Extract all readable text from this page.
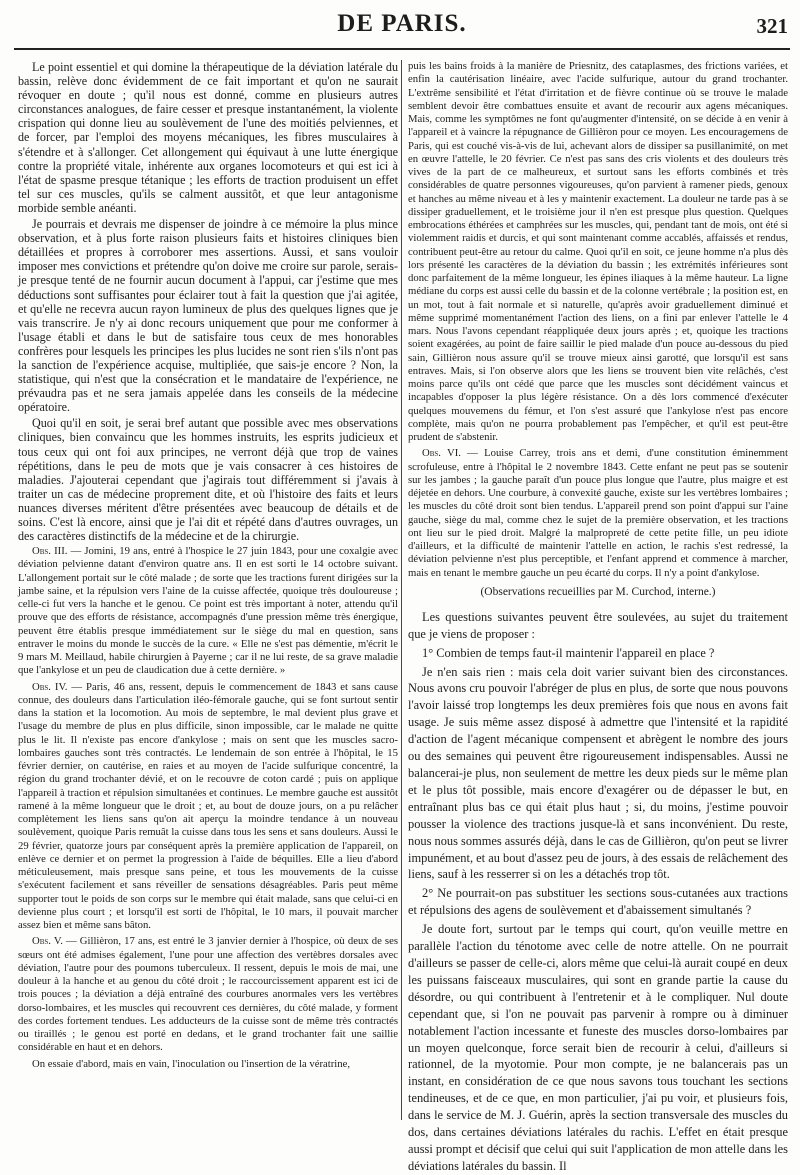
DE PARIS.	321

Le point essentiel et qui domine la thérapeutique de la déviation latérale du bassin, relève donc évidemment de ce fait important et qu'on ne saurait révoquer en doute ; qu'il nous est donné, comme en plusieurs autres circonstances analogues, de faire cesser et presque instantanément, la violente crispation qui donne lieu au soulèvement de l'une des moitiés pelviennes, et de forcer, par l'emploi des moyens mécaniques, les fibres musculaires à s'étendre et à s'allonger. Cet allongement qui équivaut à une lutte énergique contre la propriété vitale, inhérente aux organes locomoteurs et qui est ici à l'état de spasme presque tétanique ; les efforts de traction produisent un effet tel sur ces muscles, qu'ils se calment aussitôt, et que leur antagonisme morbide semble anéanti.

Je pourrais et devrais me dispenser de joindre à ce mémoire la plus mince observation, et à plus forte raison plusieurs faits et histoires cliniques bien détaillées et propres à corroborer mes assertions. Aussi, et sans vouloir imposer mes convictions et prétendre qu'on doive me croire sur parole, serais-je presque tenté de ne fournir aucun document à l'appui, car j'estime que mes déductions sont suffisantes pour éclairer tout à fait la question que j'ai agitée, et qu'elle ne recevra aucun rayon lumineux de plus des quelques lignes que je vais transcrire. Je n'y ai donc recours uniquement que pour me conformer à l'usage établi et dans le but de satisfaire tous ceux de mes honorables confrères pour lesquels les principes les plus lucides ne sont rien s'ils n'ont pas la sanction de l'expérience acquise, multipliée, que sais-je encore ? Non, la statistique, qui n'est que la consécration et le mandataire de l'expérience, ne prévaudra pas et ne sera jamais appelée dans les conseils de la médecine opératoire.

Quoi qu'il en soit, je serai bref autant que possible avec mes observations cliniques, bien convaincu que les hommes instruits, les esprits judicieux et tous ceux qui ont foi aux principes, ne verront déjà que trop de vaines répétitions, dans le peu de mots que je vais consacrer à ces histoires de maladies. J'ajouterai cependant que j'agirais tout différemment si j'avais à traiter un cas de médecine proprement dite, et où l'histoire des faits et leurs nuances diverses méritent d'être présentées avec beaucoup de détails et de soins. C'est là encore, ainsi que je l'ai dit et répété dans d'autres ouvrages, un des caractères distinctifs de la médecine et de la chirurgie.

Obs. III. — Jomini, 19 ans, entré à l'hospice le 27 juin 1843, pour une coxalgie avec déviation pelvienne datant d'environ quatre ans. Il en est sorti le 14 octobre suivant. L'allongement portait sur le côté malade ; de sorte que les tractions furent dirigées sur la jambe saine, et la répulsion vers l'aine de la cuisse affectée, quoique très douloureuse ; celle-ci fut vers la hanche et le genou. Ce point est très important à noter, attendu qu'il prouve que des efforts de résistance, accompagnés d'une pression même très énergique, peuvent être établis presque immédiatement sur le siège du mal en question, sans entraver le moins du monde le succès de la cure. « Elle ne s'est pas démentie, m'écrit le 9 mars M. Meillaud, habile chirurgien à Payerne ; car il ne lui reste, de sa grave maladie que l'ankylose et un peu de claudication due à cette dernière. »

Obs. IV. — Paris, 46 ans, ressent, depuis le commencement de 1843 et sans cause connue, des douleurs dans l'articulation iléo-fémorale gauche, qui se font surtout sentir dans la station et la locomotion. Au mois de septembre, le mal devient plus grave et l'usage du membre de plus en plus difficile, sinon impossible, car le malade ne quitte plus le lit. Il n'existe pas encore d'ankylose ; mais on sent que les muscles sacro-lombaires gauches sont très contractés. Le lendemain de son entrée à l'hôpital, le 15 février dernier, on cautérise, en raies et au moyen de l'acide sulfurique concentré, la région du grand trochanter dévié, et on le recouvre de coton cardé ; puis on applique l'appareil à traction et répulsion simultanées et continues. Le membre gauche est aussitôt ramené à la même longueur que le droit ; et, au bout de douze jours, on a pu relâcher complètement les liens sans qu'on ait aperçu la moindre tendance à un nouveau soulèvement, quoique Paris remuât la cuisse dans tous les sens et sans douleurs. Aussi le 29 février, quatorze jours par conséquent après la première application de l'appareil, on enlève ce dernier et on permet la progression à l'aide de béquilles. Elle a lieu d'abord méticuleusement, mais presque sans peine, et tous les mouvements de la cuisse s'exécutent facilement et sans réveiller de sensations désagréables. Paris peut même supporter tout le poids de son corps sur le membre qui était malade, sans que celui-ci en devienne plus court ; et lorsqu'il est sorti de l'hôpital, le 10 mars, il pouvait marcher assez bien et même sans bâton.

Obs. V. — Gillièron, 17 ans, est entré le 3 janvier dernier à l'hospice, où deux de ses sœurs ont été admises également, l'une pour une affection des vertèbres dorsales avec déviation, l'autre pour des poumons tuberculeux. Il ressent, depuis le mois de mai, une douleur à la hanche et au genou du côté droit ; le raccourcissement apparent est ici de trois pouces ; la déviation a déjà entraîné des courbures anormales vers les vertèbres dorso-lombaires, et les muscles qui recouvrent ces dernières, du côté malade, y forment des cordes fortement tendues. Les adducteurs de la cuisse sont de même très contractés ou tiraillés ; le genou est porté en dedans, et le grand trochanter fait une saillie considérable en haut et en dehors.

On essaie d'abord, mais en vain, l'inoculation ou l'insertion de la vératrine,

puis les bains froids à la manière de Priesnitz, des cataplasmes, des frictions variées, et enfin la cautérisation linéaire, avec l'acide sulfurique, autour du grand trochanter. L'extrême sensibilité et l'état d'irritation et de fièvre continue où se trouve le malade semblent devoir être combattues ensuite et avant de recourir aux agens mécaniques. Mais, comme les symptômes ne font qu'augmenter d'intensité, on se décide à en venir à l'appareil et à vaincre la répugnance de Gillièron pour ce moyen. Les encouragemens de Paris, qui est couché vis-à-vis de lui, achevant alors de dissiper sa pusillanimité, on met en œuvre l'attelle, le 20 février. Ce n'est pas sans des cris violents et des douleurs très vives de la part de ce malheureux, et surtout sans les efforts combinés et très considérables de quatre personnes vigoureuses, qu'on parvient à ramener pieds, genoux et hanches au même niveau et à les y maintenir exactement. La douleur ne tarde pas à se dissiper graduellement, et le troisième jour il n'en est presque plus question. Quelques embrocations éthérées et camphrées sur les muscles, qui, pendant tant de mois, ont été si violemment raidis et durcis, et qui sont maintenant comme accablés, affaissés et rendus, contribuent peut-être au retour du calme. Quoi qu'il en soit, ce jeune homme n'a plus dès lors présenté les caractères de la déviation du bassin ; les extrémités inférieures sont donc parfaitement de la même longueur, les épines iliaques à la même hauteur. La ligne médiane du corps est aussi celle du bassin et de la colonne vertébrale ; la position est, en un mot, tout à fait normale et si naturelle, qu'après avoir graduellement diminué et même supprimé momentanément l'action des liens, on a fini par enlever l'attelle le 4 mars. Nous l'avons cependant réappliquée deux jours après ; et, quoique les tractions soient exagérées, au point de faire saillir le pied malade d'un pouce au-dessous du pied sain, Gillièron nous assure qu'il se trouve mieux ainsi garotté, que lorsqu'il est sans entraves. Mais, si l'on observe alors que les liens se trouvent bien vite relâchés, c'est moins parce qu'ils ont cédé que parce que les muscles sont décidément vaincus et incapables d'opposer la plus légère résistance. On a dès lors commencé d'exécuter quelques mouvemens du fémur, et l'on s'est assuré que l'ankylose n'est pas encore complète, mais qu'on ne pourra probablement pas l'empêcher, et qu'il est peut-être prudent de s'abstenir.

Obs. VI. — Louise Carrey, trois ans et demi, d'une constitution éminemment scrofuleuse, entre à l'hôpital le 2 novembre 1843. Cette enfant ne peut pas se soutenir sur les jambes ; la gauche paraît d'un pouce plus longue que l'autre, plus maigre et est déjetée en dehors. Une courbure, à convexité gauche, existe sur les vertèbres lombaires ; les muscles du côté droit sont bien tendus. L'appareil prend son point d'appui sur l'aine gauche, siège du mal, comme chez le sujet de la première observation, et les tractions ont lieu sur le pied droit. Malgré la malpropreté de cette petite fille, un peu idiote d'ailleurs, et la difficulté de maintenir l'attelle en action, le rachis s'est redressé, la déviation pelvienne n'est plus perceptible, et l'enfant apprend et commence à marcher, mais en tenant le membre gauche un peu écarté du corps. Il n'y a point d'ankylose.

(Observations recueillies par M. Curchod, interne.)

Les questions suivantes peuvent être soulevées, au sujet du traitement que je viens de proposer :

1° Combien de temps faut-il maintenir l'appareil en place ?

Je n'en sais rien : mais cela doit varier suivant bien des circonstances. Nous avons cru pouvoir l'abréger de plus en plus, de sorte que nous pouvons l'avoir laissé trop longtemps les deux premières fois que nous en avons fait usage. Je suis même assez disposé à admettre que l'intensité et la rapidité d'action de l'agent mécanique compensent et abrègent le nombre des jours ou des semaines qui peuvent être rigoureusement indispensables. Aussi ne balancerai-je plus, non seulement de mettre les deux pieds sur le même plan et le plus tôt possible, mais encore d'exagérer ou de dépasser le but, en entraînant plus bas ce qui était plus haut ; si, du moins, j'estime pouvoir pousser la violence des tractions jusque-là et sans inconvénient. Du reste, nous nous sommes assurés déjà, dans le cas de Gillièron, qu'on peut se livrer impunément, et au bout d'assez peu de jours, à des essais de relâchement des liens, sauf à les resserrer si on les a détachés trop tôt.

2° Ne pourrait-on pas substituer les sections sous-cutanées aux tractions et répulsions des agens de soulèvement et d'abaissement simultanés ?

Je doute fort, surtout par le temps qui court, qu'on veuille mettre en parallèle l'action du ténotome avec celle de notre attelle. On ne pourrait d'ailleurs se passer de celle-ci, alors même que celui-là aurait coupé en deux les puissans faisceaux musculaires, qui sont en grande partie la cause du désordre, ou qui contribuent à l'entretenir et à le compliquer. Nul doute cependant que, si l'on ne pouvait pas parvenir à rompre ou à diminuer notablement l'action incessante et funeste des muscles dorso-lombaires par un moyen quelconque, force serait bien de recourir à celui, d'ailleurs si rationnel, de la myotomie. Pour mon compte, je ne balancerais pas un instant, en considération de ce que nous savons tous touchant les sections tendineuses, et de ce que, en mon particulier, j'ai pu voir, et plusieurs fois, dans le service de M. J. Guérin, après la section transversale des muscles du dos, dans certaines déviations latérales du rachis. L'effet en était presque aussi prompt et décisif que celui qui suit l'application de mon attelle dans les déviations latérales du bassin. Il
